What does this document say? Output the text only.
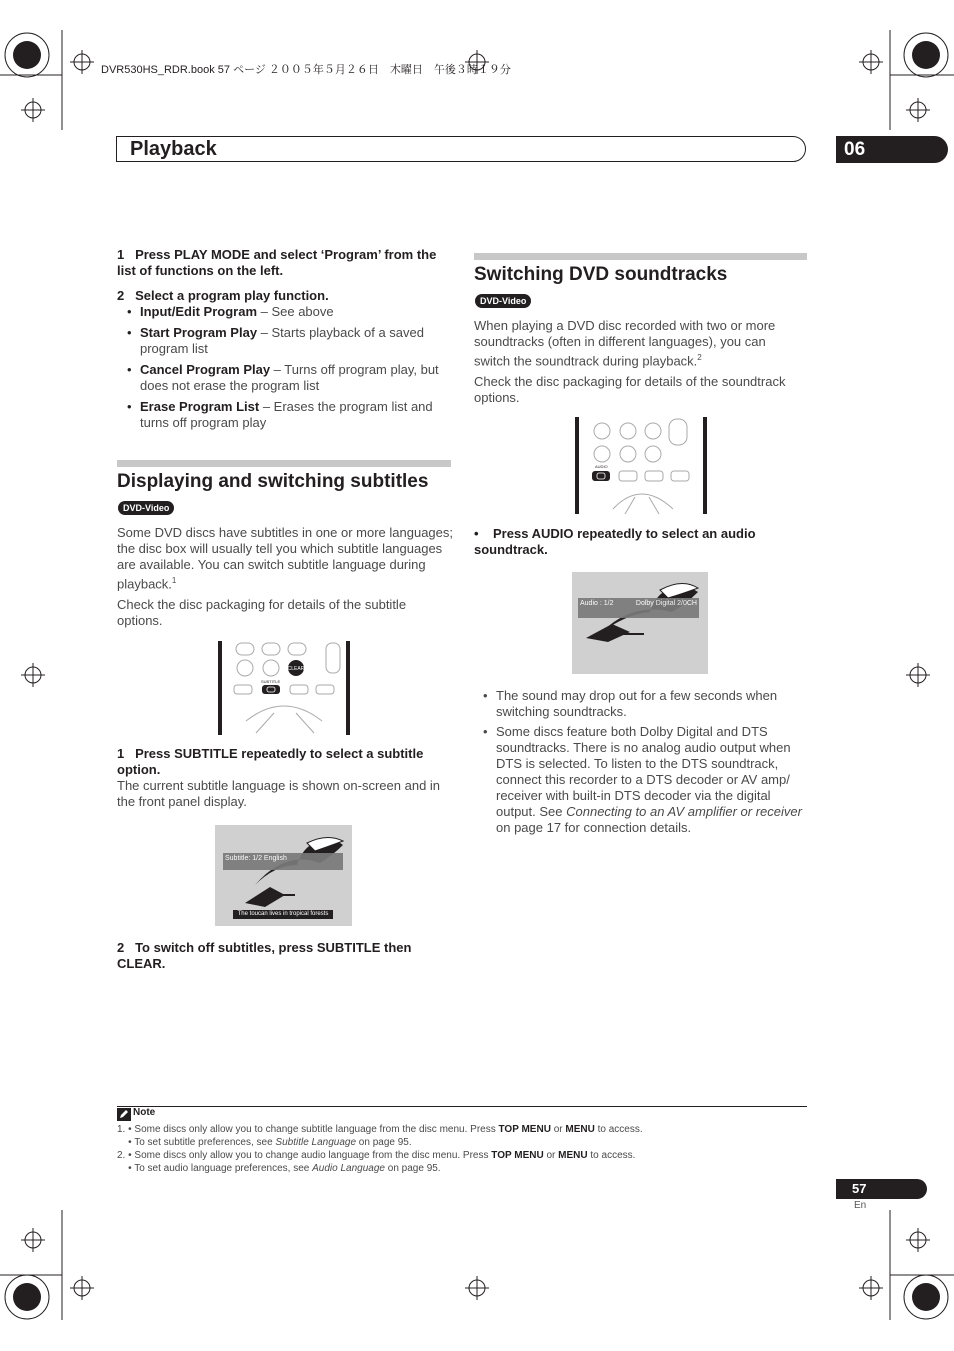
DVR530HS_RDR.book 57 ページ ２００５年５月２６日　木曜日　午後３時１９分
Playback	06
1 Press PLAY MODE and select ‘Program’ from the list of functions on the left.
2 Select a program play function.
• Input/Edit Program – See above
• Start Program Play – Starts playback of a saved program list
• Cancel Program Play – Turns off program play, but does not erase the program list
• Erase Program List – Erases the program list and turns off program play
Displaying and switching subtitles
DVD-Video
Some DVD discs have subtitles in one or more languages; the disc box will usually tell you which subtitle languages are available. You can switch subtitle language during playback.$^1$
Check the disc packaging for details of the subtitle options.
CLEAR
SUBTITLE
1 Press SUBTITLE repeatedly to select a subtitle option.
The current subtitle language is shown on-screen and in the front panel display.
Subtitle: 1/2 English
The toucan lives in tropical forests
2 To switch off subtitles, press SUBTITLE then CLEAR.
Switching DVD soundtracks
DVD-Video
When playing a DVD disc recorded with two or more soundtracks (often in different languages), you can switch the soundtrack during playback.$^2$
Check the disc packaging for details of the soundtrack options.
AUDIO
• Press AUDIO repeatedly to select an audio soundtrack.
Audio : 1/2	Dolby Digital 2/0CH
• The sound may drop out for a few seconds when switching soundtracks.
• Some discs feature both Dolby Digital and DTS soundtracks. There is no analog audio output when DTS is selected. To listen to the DTS soundtrack, connect this recorder to a DTS decoder or AV amp/ receiver with built-in DTS decoder via the digital output. See Connecting to an AV amplifier or receiver on page 17 for connection details.
Note
1. • Some discs only allow you to change subtitle language from the disc menu. Press TOP MENU or MENU to access.
• To set subtitle preferences, see Subtitle Language on page 95.
2. • Some discs only allow you to change audio language from the disc menu. Press TOP MENU or MENU to access.
• To set audio language preferences, see Audio Language on page 95.
57
En
